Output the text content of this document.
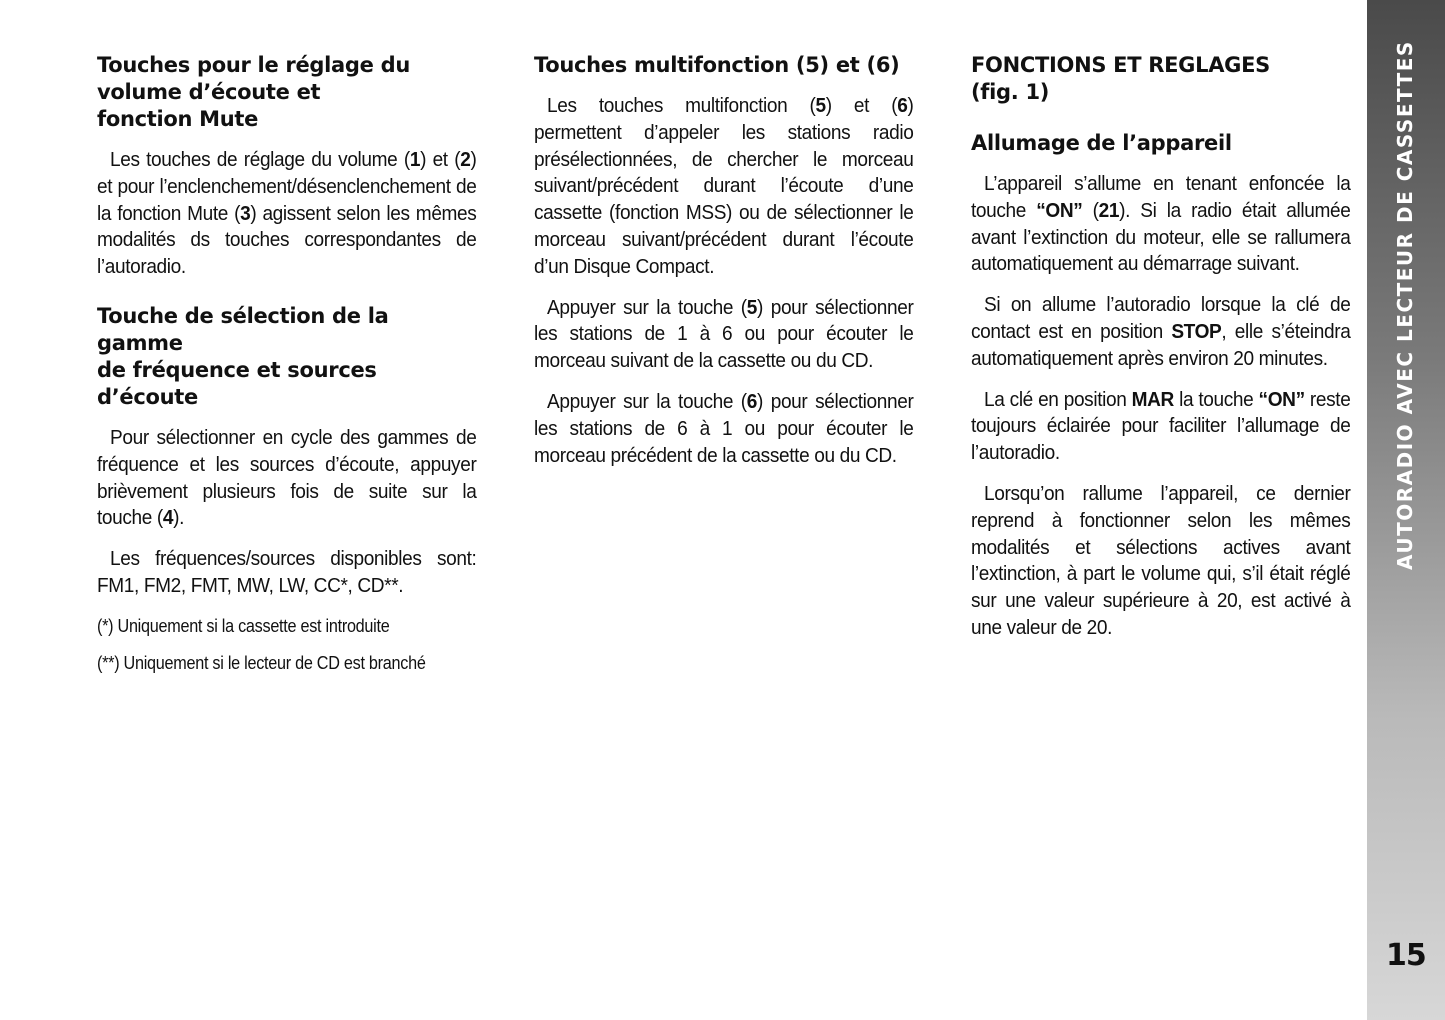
Touches pour le réglage du
volume d’écoute et
fonction Mute

Les touches de réglage du volume (1) et (2) et pour l’enclenchement/désenclenchement de la fonction Mute (3) agissent selon les mêmes modalités ds touches correspondantes de l’autoradio.

Touche de sélection de la gamme
de fréquence et sources d’écoute

Pour sélectionner en cycle des gammes de fréquence et les sources d’écoute, appuyer brièvement plusieurs fois de suite sur la touche (4).

Les fréquences/sources disponibles sont: FM1, FM2, FMT, MW, LW, CC*, CD**.

(*) Uniquement si la cassette est introduite

(**) Uniquement si le lecteur de CD est branché

Touches multifonction (5) et (6)

Les touches multifonction (5) et (6) permettent d’appeler les stations radio présélectionnées, de chercher le morceau suivant/précédent durant l’écoute d’une cassette (fonction MSS) ou de sélectionner le morceau suivant/précédent durant l’écoute d’un Disque Compact.

Appuyer sur la touche (5) pour sélectionner les stations de 1 à 6 ou pour écouter le morceau suivant de la cassette ou du CD.

Appuyer sur la touche (6) pour sélectionner les stations de 6 à 1 ou pour écouter le morceau précédent de la cassette ou du CD.

FONCTIONS ET REGLAGES
(fig. 1)
Allumage de l’appareil

L’appareil s’allume en tenant enfoncée la touche “ON” (21). Si la radio était allumée avant l’extinction du moteur, elle se rallumera automatiquement au démarrage suivant.

Si on allume l’autoradio lorsque la clé de contact est en position STOP, elle s’éteindra automatiquement après environ 20 minutes.

La clé en position MAR la touche “ON” reste toujours éclairée pour faciliter l’allumage de l’autoradio.

Lorsqu’on rallume l’appareil, ce dernier reprend à fonctionner selon les mêmes modalités et sélections actives avant l’extinction, à part le volume qui, s’il était réglé sur une valeur supérieure à 20, est activé à une valeur de 20.

AUTORADIO AVEC LECTEUR DE CASSETTES
15
